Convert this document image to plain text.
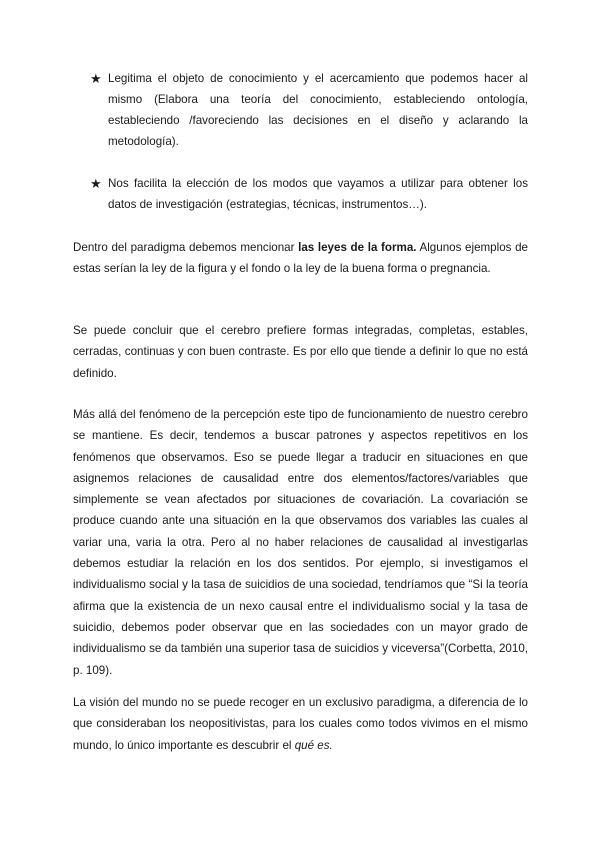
★ Legitima el objeto de conocimiento y el acercamiento que podemos hacer al mismo (Elabora una teoría del conocimiento, estableciendo ontología, estableciendo /favoreciendo las decisiones en el diseño y aclarando la metodología).
★ Nos facilita la elección de los modos que vayamos a utilizar para obtener los datos de investigación (estrategias, técnicas, instrumentos…).

Dentro del paradigma debemos mencionar las leyes de la forma. Algunos ejemplos de estas serían la ley de la figura y el fondo o la ley de la buena forma o pregnancia.

Se puede concluir que el cerebro prefiere formas integradas, completas, estables, cerradas, continuas y con buen contraste. Es por ello que tiende a definir lo que no está definido.

Más allá del fenómeno de la percepción este tipo de funcionamiento de nuestro cerebro se mantiene. Es decir, tendemos a buscar patrones y aspectos repetitivos en los fenómenos que observamos. Eso se puede llegar a traducir en situaciones en que asignemos relaciones de causalidad entre dos elementos/factores/variables que simplemente se vean afectados por situaciones de covariación. La covariación se produce cuando ante una situación en la que observamos dos variables las cuales al variar una, varia la otra. Pero al no haber relaciones de causalidad al investigarlas debemos estudiar la relación en los dos sentidos. Por ejemplo, si investigamos el individualismo social y la tasa de suicidios de una sociedad, tendríamos que “Si la teoría afirma que la existencia de un nexo causal entre el individualismo social y la tasa de suicidio, debemos poder observar que en las sociedades con un mayor grado de individualismo se da también una superior tasa de suicidios y viceversa”(Corbetta, 2010, p. 109).

La visión del mundo no se puede recoger en un exclusivo paradigma, a diferencia de lo que consideraban los neopositivistas, para los cuales como todos vivimos en el mismo mundo, lo único importante es descubrir el qué es.
